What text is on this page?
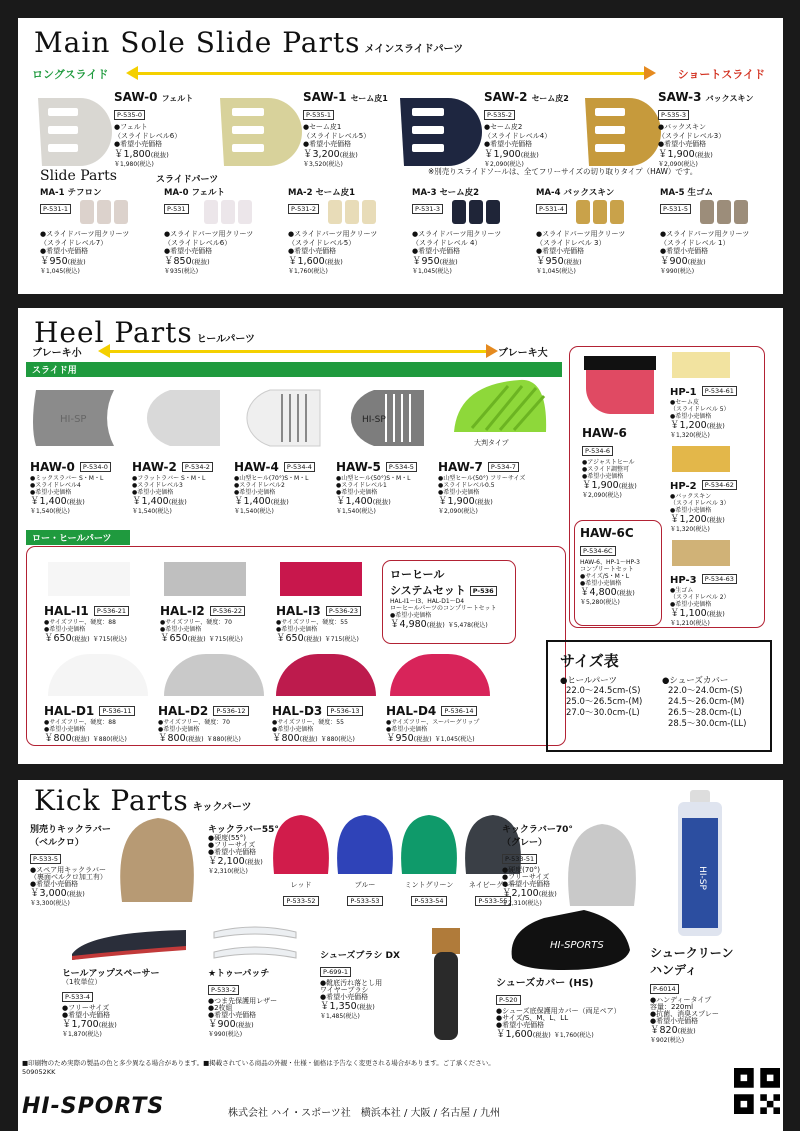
Main Sole Slide Parts メインスライドパーツ
ロングスライド	ショートスライド
SAW-0 フェルト
P-535-0
●フェルト
（スライドレベル6）
●希望小売価格
￥1,800(税抜)
￥1,980(税込)
SAW-1 セーム皮1
P-535-1
●セーム皮1
（スライドレベル5）
●希望小売価格
￥3,200(税抜)
￥3,520(税込)
SAW-2 セーム皮2
P-535-2
●セーム皮2
（スライドレベル4）
●希望小売価格
￥1,900(税抜)
￥2,090(税込)
SAW-3 バックスキン
P-535-3
●バックスキン
（スライドレベル3）
●希望小売価格
￥1,900(税抜)
￥2,090(税込)
※別売りスライドソールは、全てフリーサイズの切り取りタイプ（HAW）です。
Slide Parts	スライドパーツ
MA-1 テフロン
P-531-1
●スライドパーツ用クリーツ
（スライドレベル7）
●希望小売価格
￥950(税抜)
￥1,045(税込)
MA-0 フェルト
P-531
●スライドパーツ用クリーツ
（スライドレベル6）
●希望小売価格
￥850(税抜)
￥935(税込)
MA-2 セーム皮1
P-531-2
●スライドパーツ用クリーツ
（スライドレベル5）
●希望小売価格
￥1,600(税抜)
￥1,760(税込)
MA-3 セーム皮2
P-531-3
●スライドパーツ用クリーツ
（スライドレベル 4）
●希望小売価格
￥950(税抜)
￥1,045(税込)
MA-4 バックスキン
P-531-4
●スライドパーツ用クリーツ
（スライドレベル 3）
●希望小売価格
￥950(税抜)
￥1,045(税込)
MA-5 生ゴム
P-531-5
●スライドパーツ用クリーツ
（スライドレベル 1）
●希望小売価格
￥900(税抜)
￥990(税込)
Heel Parts ヒールパーツ
ブレーキ小	ブレーキ大
スライド用
HI-SP	HI-SP
大判タイプ
HAW-0 P-534-0
●ミックスラバー S・M・L
●スライドレベル4
●希望小売価格
￥1,400(税抜)
￥1,540(税込)
HAW-2 P-534-2
●フラットラバー S・M・L
●スライドレベル3
●希望小売価格
￥1,400(税抜)
￥1,540(税込)
HAW-4 P-534-4
●山型ヒール(70°)S・M・L
●スライドレベル2
●希望小売価格
￥1,400(税抜)
￥1,540(税込)
HAW-5 P-534-5
●山型ヒール(50°)S・M・L
●スライドレベル1
●希望小売価格
￥1,400(税抜)
￥1,540(税込)
HAW-7 P-534-7
●山型ヒール(50°) フリーサイズ
●スライドレベル0.5
●希望小売価格
￥1,900(税抜)
￥2,090(税込)
HAW-6
P-534-6
●アジャストヒール
●スライド調整可
●希望小売価格
￥1,900(税抜)
￥2,090(税込)
HAW-6C
P-534-6C
HAW-6、HP-1～HP-3
コンプリートセット
●サイズ/S・M・L
●希望小売価格
￥4,800(税抜)
￥5,280(税込)
HP-1 P-534-61
●セーム皮
（スライドレベル 5）
●希望小売価格
￥1,200(税抜)
￥1,320(税込)
HP-2 P-534-62
●バックスキン
（スライドレベル 3）
●希望小売価格
￥1,200(税抜)
￥1,320(税込)
HP-3 P-534-63
●生ゴム
（スライドレベル 2）
●希望小売価格
￥1,100(税抜)
￥1,210(税込)
ロー・ヒールパーツ
HAL-I1 P-536-21
●サイズフリー、硬度：88
●希望小売価格
￥650(税抜) ￥715(税込)
HAL-I2 P-536-22
●サイズフリー、硬度：70
●希望小売価格
￥650(税抜) ￥715(税込)
HAL-I3 P-536-23
●サイズフリー、硬度：55
●希望小売価格
￥650(税抜) ￥715(税込)
HAL-D1 P-536-11
●サイズフリー、硬度：88
●希望小売価格
￥800(税抜) ￥880(税込)
HAL-D2 P-536-12
●サイズフリー、硬度：70
●希望小売価格
￥800(税抜) ￥880(税込)
HAL-D3 P-536-13
●サイズフリー、硬度：55
●希望小売価格
￥800(税抜) ￥880(税込)
HAL-D4 P-536-14
●サイズフリー、スーパーグリップ
●希望小売価格
￥950(税抜) ￥1,045(税込)
ローヒール
システムセット P-536
HAL-I1～I3、HAL-D1～D4
ローヒールパーツのコンプリートセット
●希望小売価格
￥4,980(税抜) ￥5,478(税込)
サイズ表
●ヒールパーツ	●シューズカバー
22.0～24.5cm-(S)
25.0～26.5cm-(M)
27.0～30.0cm-(L)
22.0～24.0cm-(S)
24.5～26.0cm-(M)
26.5～28.0cm-(L)
28.5～30.0cm-(LL)
Kick Parts キックパーツ
別売りキックラバー
（ベルクロ）
P-533-5
●スペア用キックラバー
（裏面ベルクロ加工有）
●希望小売価格
￥3,000(税抜)
￥3,300(税込)
キックラバー55°
●硬度(55°)
●フリーサイズ
●希望小売価格
￥2,100(税抜)
￥2,310(税込)
レッド
P-533-52
ブルー
P-533-53
ミントグリーン
P-533-54
ネイビーグレー
P-533-55
キックラバー70°
（グレー）
P-533-51
●硬度(70°)
●フリーサイズ
●希望小売価格
￥2,100(税抜)
￥2,310(税込)
HI-SP
ヒールアップスペーサー
（1枚単位）
P-533-4
●フリーサイズ
●希望小売価格
￥1,700(税抜)
￥1,870(税込)
★トゥーパッチ
P-533-2
●つま先保護用レザー
●2枚組
●希望小売価格
￥900(税抜)
￥990(税込)
シューズブラシ DX
P-699-1
●靴底汚れ落とし用
ワイヤーブラシ
●希望小売価格
￥1,350(税抜)
￥1,485(税込)
HI-SPORTS
シューズカバー (HS)
P-520
●シューズ底保護用カバー（両足ペア）
●サイズ/S、M、L、LL
●希望小売価格
￥1,600(税抜) ￥1,760(税込)
シュークリーン
ハンディ
P-6014
●ハンディータイプ
容量：220ml
●抗菌、消臭スプレー
●希望小売価格
￥820(税抜)
￥902(税込)
■印刷物のため実際の製品の色と多少異なる場合があります。■掲載されている商品の外観・仕様・価格は予告なく変更される場合があります。ご了承ください。
509052KK
HI-SPORTS	株式会社 ハイ・スポーツ社　横浜本社 / 大阪 / 名古屋 / 九州
